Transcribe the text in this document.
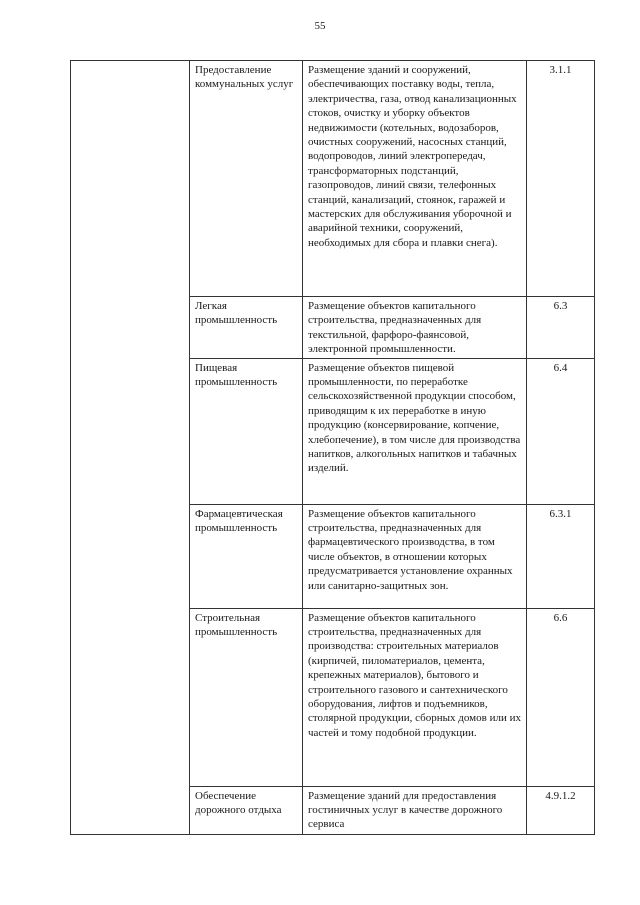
55
	Предоставление коммунальных услуг	Размещение зданий и сооружений, обеспечивающих поставку воды, тепла, электричества, газа, отвод канализационных стоков, очистку и уборку объектов недвижимости (котельных, водозаборов, очистных сооружений, насосных станций, водопроводов, линий электропередач, трансформаторных подстанций, газопроводов, линий связи, телефонных станций, канализаций, стоянок, гаражей и мастерских для обслуживания уборочной и аварийной техники, сооружений, необходимых для сбора и плавки снега).	3.1.1
	Легкая промышленность	Размещение объектов капитального строительства, предназначенных для текстильной, фарфоро-фаянсовой, электронной промышленности.	6.3
	Пищевая промышленность	Размещение объектов пищевой промышленности, по переработке сельскохозяйственной продукции способом, приводящим к их переработке в иную продукцию (консервирование, копчение, хлебопечение), в том числе для производства напитков, алкогольных напитков и табачных изделий.	6.4
	Фармацевтическая промышленность	Размещение объектов капитального строительства, предназначенных для фармацевтического производства, в том числе объектов, в отношении которых предусматривается установление охранных или санитарно-защитных зон.	6.3.1
	Строительная промышленность	Размещение объектов капитального строительства, предназначенных для производства: строительных материалов (кирпичей, пиломатериалов, цемента, крепежных материалов), бытового и строительного газового и сантехнического оборудования, лифтов и подъемников, столярной продукции, сборных домов или их частей и тому подобной продукции.	6.6
	Обеспечение дорожного отдыха	Размещение зданий для предоставления гостиничных услуг в качестве дорожного сервиса	4.9.1.2
